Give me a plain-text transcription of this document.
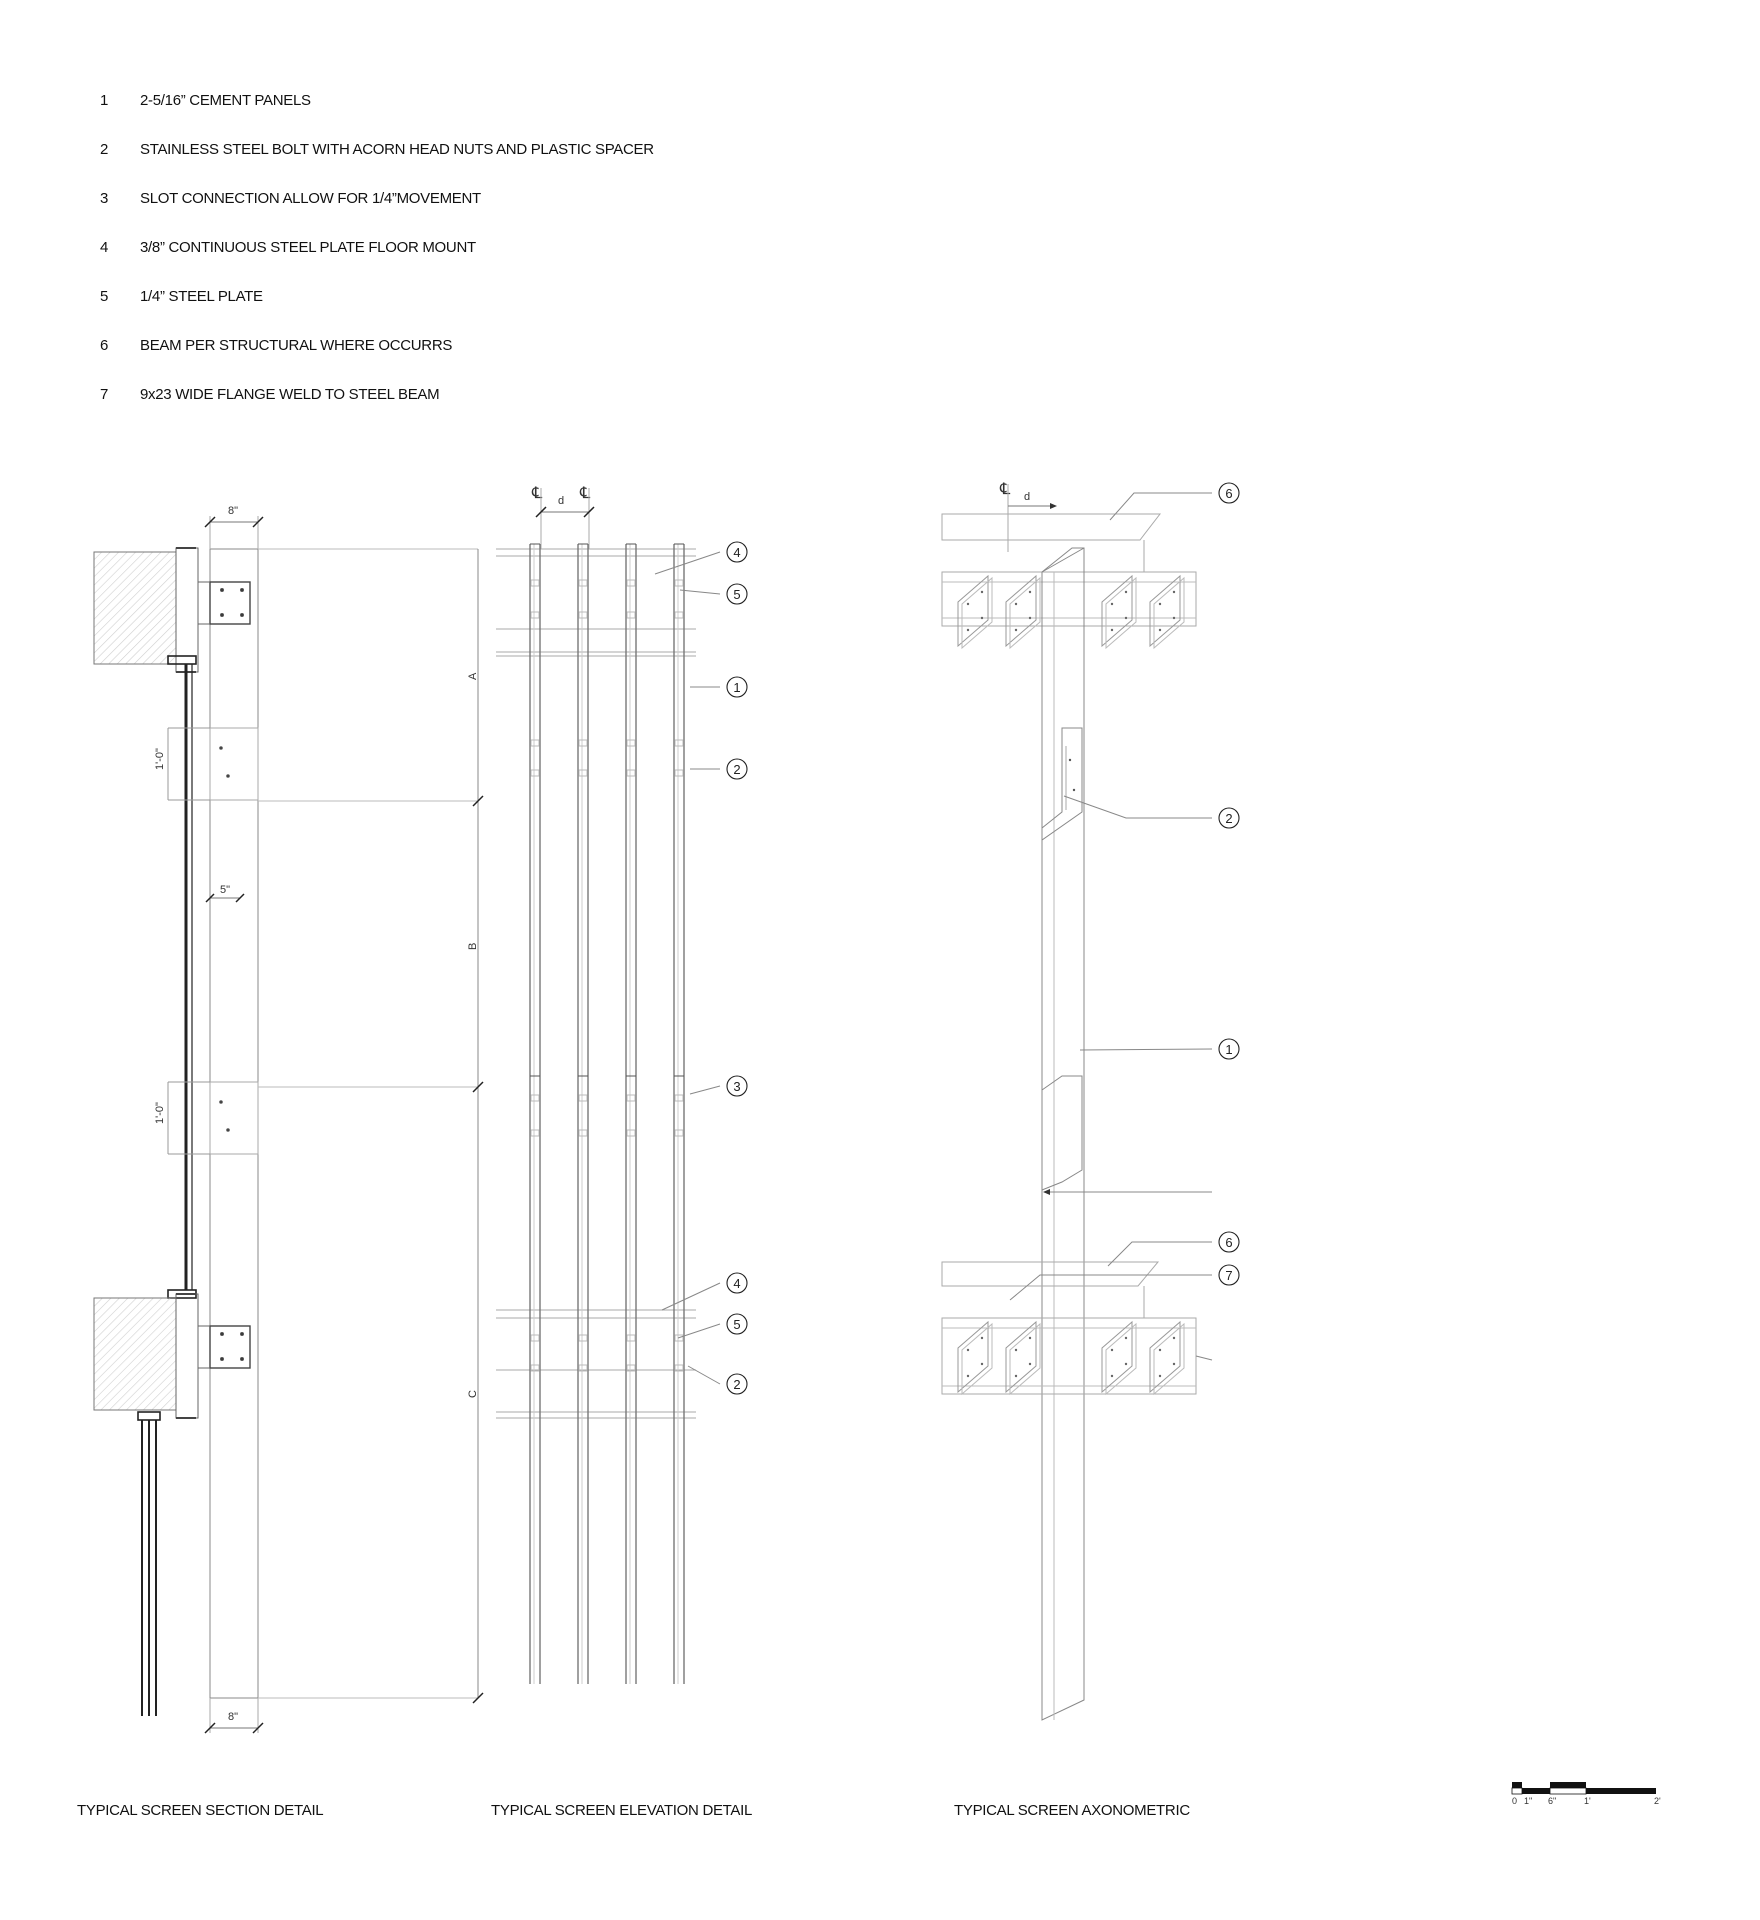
1	2-5/16” CEMENT PANELS
2	STAINLESS STEEL BOLT WITH ACORN HEAD NUTS AND PLASTIC SPACER
3	SLOT CONNECTION ALLOW FOR 1/4”MOVEMENT
4	3/8” CONTINUOUS STEEL PLATE FLOOR MOUNT
5	1/4” STEEL PLATE
6	BEAM PER STRUCTURAL WHERE OCCURRS
7	9x23 WIDE FLANGE WELD TO STEEL BEAM
1'-0"
5"
1'-0"
8"
8"
A
B
C
℄ ℄
d
4
5
1
2
3
4
5
2
℄ d	6
2
1
6
7
0 1" 6"	1'	2'
TYPICAL SCREEN SECTION DETAIL	TYPICAL SCREEN ELEVATION DETAIL	TYPICAL SCREEN AXONOMETRIC
